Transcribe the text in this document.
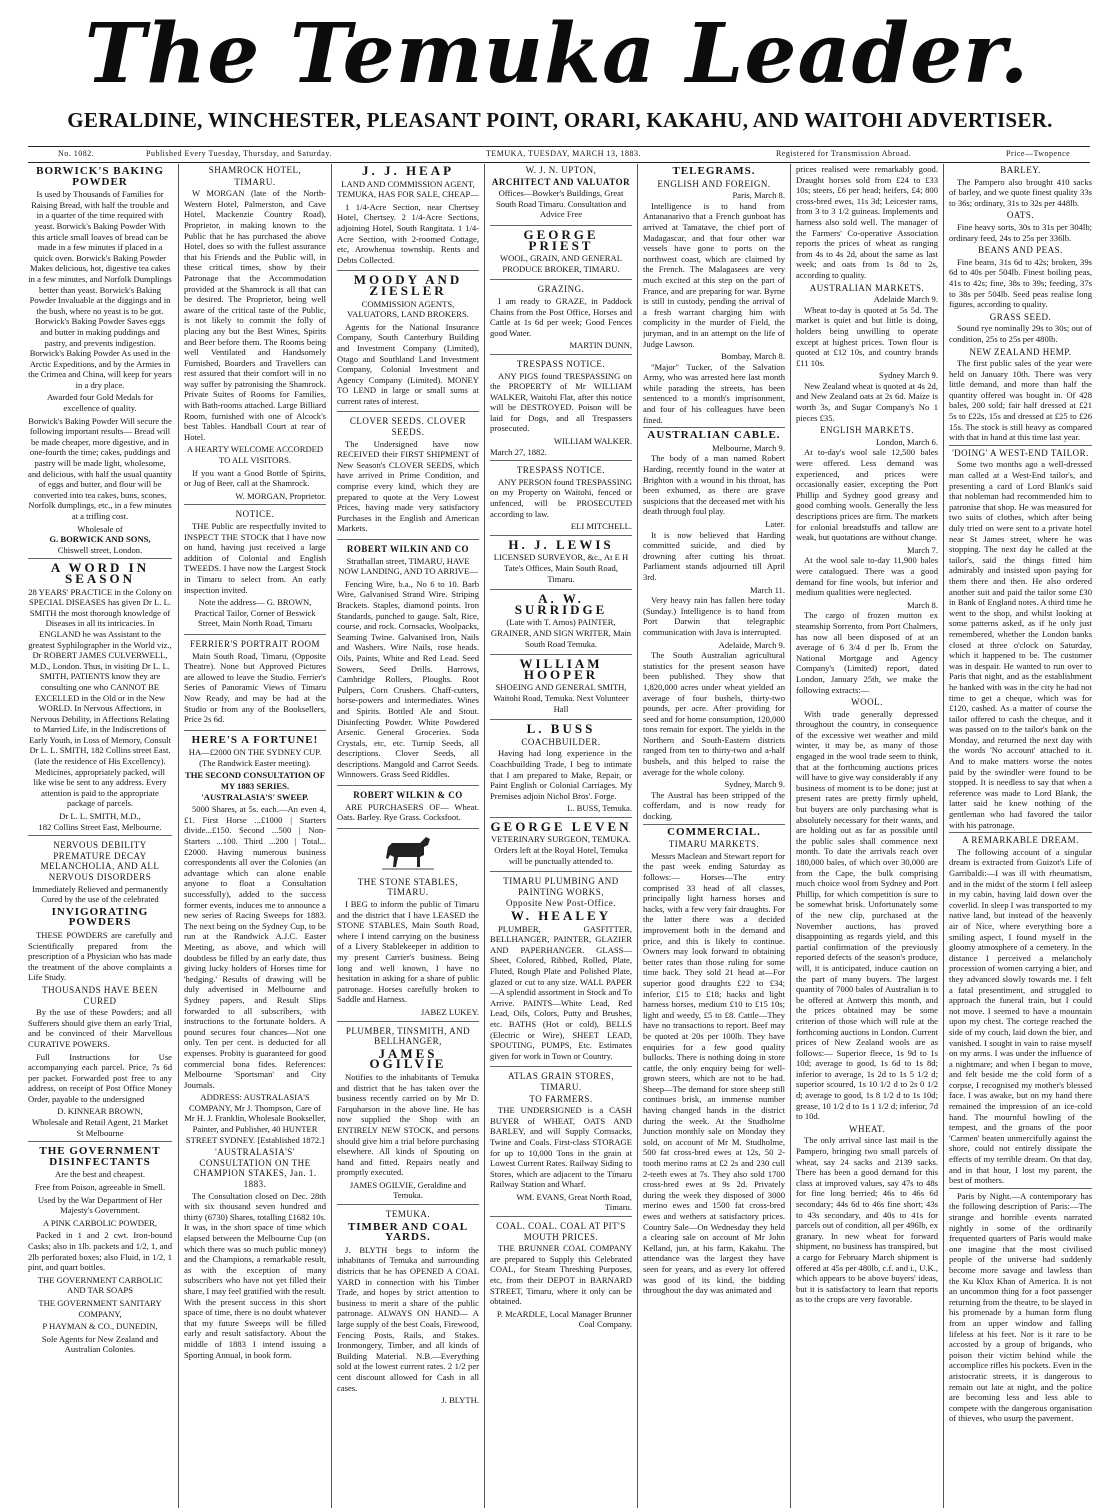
The Temuka Leader.
GERALDINE, WINCHESTER, PLEASANT POINT, ORARI, KAKAHU, AND WAITOHI ADVERTISER.
No. 1082.	Published Every Tuesday, Thursday, and Saturday.	TEMUKA, TUESDAY, MARCH 13, 1883.	Registered for Transmission Abroad.	Price—Twopence
BORWICK'S BAKING POWDER

Is used by Thousands of Families for Raising Bread, with half the trouble and in a quarter of the time required with yeast. Borwick's Baking Powder With this article small loaves of bread can be made in a few minutes if placed in a quick oven. Borwick's Baking Powder Makes delicious, hot, digestive tea cakes in a few minutes, and Norfolk Dumplings better than yeast. Borwick's Baking Powder Invaluable at the diggings and in the bush, where no yeast is to be got. Borwick's Baking Powder Saves eggs and butter in making puddings and pastry, and prevents indigestion. Borwick's Baking Powder As used in the Arctic Expeditions, and by the Armies in the Crimea and China, will keep for years in a dry place.

Awarded four Gold Medals for excellence of quality.

Borwick's Baking Powder Will secure the following important results— Bread will be made cheaper, more digestive, and in one-fourth the time; cakes, puddings and pastry will be made light, wholesome, and delicious, with half the usual quantity of eggs and butter, and flour will be converted into tea cakes, buns, scones, Norfolk dumplings, etc., in a few minutes at a trifling cost.

Wholesale of
G. BORWICK AND SONS,
Chiswell street, London.
A WORD IN SEASON

28 YEARS' PRACTICE in the Colony on SPECIAL DISEASES has given Dr L. L. SMITH the most thorough knowledge of Diseases in all its intricacies. In ENGLAND he was Assistant to the greatest Syphilographer in the World viz., Dr ROBERT JAMES CULVERWELL, M.D., London. Thus, in visiting Dr L. L. SMITH, PATIENTS know they are consulting one who CANNOT BE EXCELLED in the Old or in the New WORLD. In Nervous Affections, in Nervous Debility, in Affections Relating to Married Life, in the Indiscretions of Early Youth, in Loss of Memory, Consult Dr L. L. SMITH, 182 Collins street East. (late the residence of His Excellency). Medicines, appropriately packed, will like wise be sent to any address. Every attention is paid to the appropriate package of parcels.

Dr L. L. SMITH, M.D.,
182 Collins Street East, Melbourne.
NERVOUS DEBILITY PREMATURE DECAY MELANCHOLIA, AND ALL NERVOUS DISORDERS

Immediately Relieved and permanently Cured by the use of the celebrated

INVIGORATING POWDERS

THESE POWDERS are carefully and Scientifically prepared from the prescription of a Physician who has made the treatment of the above complaints a Life Study.

THOUSANDS HAVE BEEN CURED

By the use of these Powders; and all Sufferers should give them an early Trial, and be convinced of their Marvellous CURATIVE POWERS.

Full Instructions for Use accompanying each parcel. Price, 7s 6d per packet. Forwarded post free to any address, on receipt of Post Office Money Order, payable to the undersigned

D. KINNEAR BROWN,
Wholesale and Retail Agent, 21 Market St Melbourne
THE GOVERNMENT DISINFECTANTS

Are the best and cheapest.

Free from Poison, agreeable in Smell.

Used by the War Department of Her Majesty's Government.

A PINK CARBOLIC POWDER,

Packed in 1 and 2 cwt. Iron-bound Casks; also in 1lb. packets and 1/2, 1, and 2lb perforated boxes; also Fluid, in 1/2, 1 pint, and quart bottles.

THE GOVERNMENT CARBOLIC AND TAR SOAPS

THE GOVERNMENT SANITARY COMPANY,

P HAYMAN & CO., DUNEDIN,

Sole Agents for New Zealand and Australian Colonies.

SHAMROCK HOTEL,
TIMARU.

W MORGAN (late of the North-Western Hotel, Palmerston, and Cave Hotel, Mackenzie Country Road), Proprietor, in making known to the Public that he has purchased the above Hotel, does so with the fullest assurance that his Friends and the Public will, in these critical times, show by their Patronage that the Accommodation provided at the Shamrock is all that can be desired. The Proprietor, being well aware of the critical taste of the Public, is not likely to commit the folly of placing any but the Best Wines, Spirits and Beer before them. The Rooms being well Ventilated and Handsomely Furnished, Boarders and Travellers can rest assured that their comfort will in no way suffer by patronising the Shamrock. Private Suites of Rooms for Families, with Bath-rooms attached. Large Billiard Room, furnished with one of Alcock's best Tables. Handball Court at rear of Hotel.

A HEARTY WELCOME ACCORDED TO ALL VISITORS.

If you want a Good Bottle of Spirits, or Jug of Beer, call at the Shamrock.

W. MORGAN, Proprietor.
NOTICE.

THE Public are respectfully invited to INSPECT THE STOCK that I have now on hand, having just received a large addition of Colonial and English TWEEDS. I have now the Largest Stock in Timaru to select from. An early inspection invited.

Note the address— G. BROWN, Practical Tailor, Corner of Beswick Street, Main North Road, Timaru

FERRIER'S PORTRAIT ROOM

Main South Road, Timaru, (Opposite Theatre). None but Approved Pictures are allowed to leave the Studio. Ferrier's Series of Panoramic Views of Timaru Now Ready, and may be had at the Studio or from any of the Booksellers, Price 2s 6d.

HERE'S A FORTUNE!

HA—£2000 ON THE SYDNEY CUP. (The Randwick Easter meeting).

THE SECOND CONSULTATION OF MY 1883 SERIES. 'AUSTRALASIA'S' SWEEP.

5000 Shares, at 5s. each.—An even 4, £1. First Horse ...£1000 | Starters divide...£150. Second ...500 | Non-Starters ...100. Third ...200 | Total...£2000. Having numerous business correspondents all over the Colonies (an advantage which can alone enable anyone to float a Consultation successfully), added to the success former events, induces me to announce a new series of Racing Sweeps for 1883. The next being on the Sydney Cup, to be run at the Randwick A.J.C. Easter Meeting, as above, and which will doubtless be filled by an early date, thus giving lucky holders of Horses time for 'hedging.' Results of drawing will be duly advertised in Melbourne and Sydney papers, and Result Slips forwarded to all subscribers, with instructions to the fortunate holders. A pound secures four chances—Not one only. Ten per cent. is deducted for all expenses. Probity is guaranteed for good commercial bona fides. References: Melbourne 'Sportsman' and City Journals.

ADDRESS: AUSTRALASIA'S COMPANY, Mr J. Thompson, Care of Mr H. J. Franklin, Wholesale Bookseller, Painter, and Publisher, 40 HUNTER STREET SYDNEY. [Established 1872.]

'AUSTRALASIA'S' CONSULTATION ON THE CHAMPION STAKES, Jan. 1. 1883.

The Consultation closed on Dec. 28th with six thousand seven hundred and thirty (6730) Shares, totalling £1682 10s. It was, in the short space of time which elapsed between the Melbourne Cup (on which there was so much public money) and the Champions, a remarkable result, as with the exception of many subscribers who have not yet filled their share, I may feel gratified with the result. With the present success in this short space of time, there is no doubt whatever that my future Sweeps will be filled early and result satisfactory. About the middle of 1883 I intend issuing a Sporting Annual, in book form.

J. J. HEAP

LAND AND COMMISSION AGENT, TEMUKA, HAS FOR SALE, CHEAP—

1 1/4-Acre Section, near Chertsey Hotel, Chertsey. 2 1/4-Acre Sections, adjoining Hotel, South Rangitata. 1 1/4-Acre Section, with 2-roomed Cottage, etc, Arowhenua township. Rents and Debts Collected.

MOODY AND ZIESLER

COMMISSION AGENTS, VALUATORS, LAND BROKERS.

Agents for the National Insurance Company, South Canterbury Building and Investment Company (Limited), Otago and Southland Land Investment Company, Colonial Investment and Agency Company (Limited). MONEY TO LEND in large or small sums at current rates of interest.

CLOVER SEEDS. CLOVER SEEDS.

The Undersigned have now RECEIVED their FIRST SHIPMENT of New Season's CLOVER SEEDS, which have arrived in Prime Condition, and comprise every kind, which they are prepared to quote at the Very Lowest Prices, having made very satisfactory Purchases in the English and American Markets.

ROBERT WILKIN AND CO

Strathallan street, TIMARU, HAVE NOW LANDING, AND TO ARRIVE—

Fencing Wire, b.a., No 6 to 10. Barb Wire, Galvanised Strand Wire. Striping Brackets. Staples, diamond points. Iron Standards, punched to gauge. Salt, Rice, course, and rock. Cornsacks, Woolpacks, Seaming Twine. Galvanised Iron, Nails and Washers. Wire Nails, rose heads. Oils, Paints, White and Red Lead. Seed Sowers, Seed Drills. Harrows, Cambridge Rollers, Ploughs. Root Pulpers, Corn Crushers. Chaff-cutters, horse-powers and intermediates. Wines and Spirits. Bottled Ale and Stout. Disinfecting Powder. White Powdered Arsenic. General Groceries. Soda Crystals, etc, etc. Turnip Seeds, all descriptions. Clover Seeds, all descriptions. Mangold and Carrot Seeds. Winnowers. Grass Seed Riddles.

ROBERT WILKIN & CO

ARE PURCHASERS OF— Wheat. Oats. Barley. Rye Grass. Cocksfoot.

THE STONE STABLES, TIMARU.

I BEG to inform the public of Timaru and the district that I have LEASED the STONE STABLES, Main South Road, where I intend carrying on the business of a Livery Stablekeeper in addition to my present Carrier's business. Being long and well known, I have no hesitation in asking for a share of public patronage. Horses carefully broken to Saddle and Harness.

JABEZ LUKEY.
PLUMBER, TINSMITH, AND BELLHANGER,
JAMES OGILVIE

Notifies to the inhabitants of Temuka and district that he has taken over the business recently carried on by Mr D. Farquharson in the above line. He has now supplied the Shop with an ENTIRELY NEW STOCK, and persons should give him a trial before purchasing elsewhere. All kinds of Spouting on hand and fitted. Repairs neatly and promptly executed.

JAMES OGILVIE, Geraldine and Temuka.
TEMUKA.
TIMBER AND COAL YARDS.

J. BLYTH begs to inform the inhabitants of Temuka and surrounding districts that he has OPENED A COAL YARD in connection with his Timber Trade, and hopes by strict attention to business to merit a share of the public patronage. ALWAYS ON HAND— A large supply of the best Coals, Firewood, Fencing Posts, Rails, and Stakes. Ironmongery, Timber, and all kinds of Building Material. N.B.—Everything sold at the lowest current rates. 2 1/2 per cent discount allowed for Cash in all cases.

J. BLYTH.
W. J. N. UPTON,
ARCHITECT AND VALUATOR

Offices—Bowker's Buildings, Great South Road Timaru. Consultation and Advice Free

GEORGE PRIEST

WOOL, GRAIN, AND GENERAL PRODUCE BROKER, TIMARU.

GRAZING.

I am ready to GRAZE, in Paddock Chains from the Post Office, Horses and Cattle at 1s 6d per week; Good Fences good Water.

MARTIN DUNN,
TRESPASS NOTICE.

ANY PIGS found TRESPASSING on the PROPERTY of Mr WILLIAM WALKER, Waitohi Flat, after this notice will be DESTROYED. Poison will be laid for Dogs, and all Trespassers prosecuted.

WILLIAM WALKER.
March 27, 1882.
TRESPASS NOTICE.

ANY PERSON found TRESPASSING on my Property on Waitohi, fenced or unfenced, will be PROSECUTED according to law.

ELI MITCHELL.
H. J. LEWIS

LICENSED SURVEYOR, &c., At E H Tate's Offices, Main South Road, Timaru.

A. W. SURRIDGE

(Late with T. Amos) PAINTER, GRAINER, AND SIGN WRITER, Main South Road Temuka.

WILLIAM HOOPER

SHOEING AND GENERAL SMITH, Waitohi Road, Temuka. Next Volunteer Hall

L. BUSS
COACHBUILDER.

Having had long experience in the Coachbuilding Trade, I beg to intimate that I am prepared to Make, Repair, or Paint English or Colonial Carriages. My Premises adjoin Nichol Bros'. Forge.

L. BUSS, Temuka.
GEORGE LEVEN

VETERINARY SURGEON, TEMUKA. Orders left at the Royal Hotel, Temuka will be punctually attended to.

TIMARU PLUMBING AND PAINTING WORKS,
Opposite New Post-Office.
W. HEALEY

PLUMBER, GASFITTER, BELLHANGER, PAINTER, GLAZIER AND PAPERHANGER. GLASS—Sheet, Colored, Ribbed, Rolled, Plate, Fluted, Rough Plate and Polished Plate, glazed or cut to any size. WALL PAPER—A splendid assortment in Stock and To Arrive. PAINTS—White Lead, Red Lead, Oils, Colors, Putty and Brushes, etc. BATHS (Hot or cold), BELLS (Electric or Wire), SHEET LEAD, SPOUTING, PUMPS, Etc. Estimates given for work in Town or Country.

ATLAS GRAIN STORES, TIMARU.
TO FARMERS.

THE UNDERSIGNED is a CASH BUYER of WHEAT, OATS AND BARLEY, and will Supply Cornsacks, Twine and Coals. First-class STORAGE for up to 10,000 Tons in the grain at Lowest Current Rates. Railway Siding to Stores, which are adjacent to the Timaru Railway Station and Wharf.

WM. EVANS, Great North Road, Timaru.
COAL. COAL. COAL AT PIT'S MOUTH PRICES.

THE BRUNNER COAL COMPANY are prepared to Supply this Celebrated COAL, for Steam Threshing Purposes, etc, from their DEPOT in BARNARD STREET, Timaru, where it only can be obtained.

P. McARDLE, Local Manager Brunner Coal Company.
TELEGRAMS.
ENGLISH AND FOREIGN.
Paris, March 8.

Intelligence is to hand from Antananarivo that a French gunboat has arrived at Tamatave, the chief port of Madagascar, and that four other war vessels have gone to ports on the northwest coast, which are claimed by the French. The Malagasees are very much excited at this step on the part of France, and are preparing for war. Byrne is still in custody, pending the arrival of a fresh warrant charging him with complicity in the murder of Field, the juryman, and in an attempt on the life of Judge Lawson.

Bombay, March 8.

"Major" Tucker, of the Salvation Army, who was arrested here last month while parading the streets, has been sentenced to a month's imprisonment, and four of his colleagues have been fined.

AUSTRALIAN CABLE.
Melbourne, March 9.

The body of a man named Robert Harding, recently found in the water at Brighton with a wound in his throat, has been exhumed, as there are grave suspicions that the deceased met with his death through foul play.

Later.

It is now believed that Harding committed suicide, and died by drowning after cutting his throat. Parliament stands adjourned till April 3rd.

March 11.

Very heavy rain has fallen here today (Sunday.) Intelligence is to hand from Port Darwin that telegraphic communication with Java is interrupted.

Adelaide, March 9.

The South Australian agricultural statistics for the present season have been published. They show that 1,820,000 acres under wheat yielded an average of four bushels, thirty-two pounds, per acre. After providing for seed and for home consumption, 120,000 tons remain for export. The yields in the Northern and South-Eastern districts ranged from ten to thirty-two and a-half bushels, and this helped to raise the average for the whole colony.

Sydney, March 9.

The Austral has been stripped of the cofferdam, and is now ready for docking.

COMMERCIAL.
TIMARU MARKETS.

Messrs Maclean and Stewart report for the past week ending Saturday as follows:— Horses—The entry comprised 33 head of all classes, principally light harness horses and hacks, with a few very fair draughts. For the latter there was a decided improvement both in the demand and price, and this is likely to continue. Owners may look forward to obtaining better rates than those ruling for some time back. They sold 21 head at—For superior good draughts £22 to £34; inferior, £15 to £18; hacks and light harness horses, medium £10 to £15 10s; light and weedy, £5 to £8. Cattle—They have no transactions to report. Beef may be quoted at 20s per 100lb. They have enquiries for a few good quality bullocks. There is nothing doing in store cattle, the only enquiry being for well-grown steers, which are not to be had. Sheep—The demand for store sheep still continues brisk, an immense number having changed hands in the district during the week. At the Studholme Junction monthly sale on Monday they sold, on account of Mr M. Studholme, 500 fat cross-bred ewes at 12s, 50 2-tooth merino rams at £2 2s and 230 cull 2-teeth ewes at 7s. They also sold 1700 cross-bred ewes at 9s 2d. Privately during the week they disposed of 3000 merino ewes and 1500 fat cross-bred ewes and wethers at satisfactory prices. Country Sale—On Wednesday they held a clearing sale on account of Mr John Kelland, jun, at his farm, Kakahu. The attendance was the largest they have seen for years, and as every lot offered was good of its kind, the bidding throughout the day was animated and

prices realised were remarkably good. Draught horses sold from £24 to £33 10s; steers, £6 per head; heifers, £4; 800 cross-bred ewes, 11s 3d; Leicester rams, from 3 to 3 1/2 guineas. Implements and harness also sold well. The manager of the Farmers' Co-operative Association reports the prices of wheat as ranging from 4s to 4s 2d, about the same as last week; and oats from 1s 8d to 2s, according to quality.

AUSTRALIAN MARKETS.
Adelaide March 9.

Wheat to-day is quoted at 5s 5d. The market is quiet and but little is doing, holders being unwilling to operate except at highest prices. Town flour is quoted at £12 10s, and country brands £11 10s.

Sydney March 9.

New Zealand wheat is quoted at 4s 2d, and New Zealand oats at 2s 6d. Maize is worth 3s, and Sugar Company's No 1 pieces £35.

ENGLISH MARKETS.
London, March 6.

At to-day's wool sale 12,500 bales were offered. Less demand was experienced, and prices were occasionally easier, excepting the Port Phillip and Sydney good greasy and good combing wools. Generally the less descriptions prices are firm. The markets for colonial breadstuffs and tallow are weak, but quotations are without change.

March 7.

At the wool sale to-day 11,900 bales were catalogued. There was a good demand for fine wools, but inferior and medium qualities were neglected.

March 8.

The cargo of frozen mutton ex steamship Sorrento, from Port Chalmers, has now all been disposed of at an average of 6 3/4 d per lb. From the National Mortgage and Agency Company's (Limited) report, dated London, January 25th, we make the following extracts:—

WOOL.

With trade generally depressed throughout the country, in consequence of the excessive wet weather and mild winter, it may be, as many of those engaged in the wool trade seem to think, that at the forthcoming auctions prices will have to give way considerably if any business of moment is to be done; just at present rates are pretty firmly upheld, but buyers are only purchasing what is absolutely necessary for their wants, and are holding out as far as possible until the public sales shall commence next month. To date the arrivals reach over 180,000 bales, of which over 30,000 are from the Cape, the bulk comprising much choice wool from Sydney and Port Phillip, for which competition is sure to be somewhat brisk. Unfortunately some of the new clip, purchased at the November auctions, has proved disappointing as regards yield, and this partial confirmation of the previously reported defects of the season's produce, will, it is anticipated, induce caution on the part of many buyers. The largest quantity of 7000 bales of Australian is to be offered at Antwerp this month, and the prices obtained may be some criterion of those which will rule at the forthcoming auctions in London. Current prices of New Zealand wools are as follows:— Superior fleece, 1s 9d to 1s 10d; average to good, 1s 6d to 1s 8d; inferior to average, 1s 2d to 1s 5 1/2 d; superior scoured, 1s 10 1/2 d to 2s 0 1/2 d; average to good, 1s 8 1/2 d to 1s 10d; grease, 10 1/2 d to 1s 1 1/2 d; inferior, 7d to 10d.

WHEAT.

The only arrival since last mail is the Pampero, bringing two small parcels of wheat, say 24 sacks and 2139 sacks. There has been a good demand for this class at improved values, say 47s to 48s for fine long berried; 46s to 46s 6d secondary; 44s 6d to 46s fine short; 43s to 43s secondary, and 40s to 41s for parcels out of condition, all per 496lb, ex granary. In new wheat for forward shipment, no business has transpired, but a cargo for February March shipment is offered at 45s per 480lb, c.f. and i., U.K., which appears to be above buyers' ideas, but it is satisfactory to learn that reports as to the crops are very favorable.

BARLEY.

The Pampero also brought 410 sacks of barley, and we quote finest quality 33s to 36s; ordinary, 31s to 32s per 448lb.

OATS.

Fine heavy sorts, 30s to 31s per 304lb; ordinary feed, 24s to 25s per 336lb.

BEANS AND PEAS.

Fine beans, 31s 6d to 42s; broken, 39s 6d to 40s per 504lb. Finest boiling peas, 41s to 42s; fine, 38s to 39s; feeding, 37s to 38s per 504lb. Seed peas realise long figures, according to quality.

GRASS SEED.

Sound rye nominally 29s to 30s; out of condition, 25s to 25s per 480lb.

NEW ZEALAND HEMP.

The first public sales of the year were held on January 10th. There was very little demand, and more than half the quantity offered was bought in. Of 428 bales, 200 sold; fair half dressed at £21 5s to £22s, 15s and dressed at £25 to £26 15s. The stock is still heavy as compared with that in hand at this time last year.

'DOING' A WEST-END TAILOR.

Some two months ago a well-dressed man called at a West-End tailor's, and presenting a card of Lord Blank's said that nobleman had recommended him to patronise that shop. He was measured for two suits of clothes, which after being duly tried on were sent to a private hotel near St James street, where he was stopping. The next day he called at the tailor's, said the things fitted him admirably and insisted upon paying for them there and then. He also ordered another suit and paid the tailor some £30 in Bank of England notes. A third time he went to the shop, and whilst looking at some patterns asked, as if he only just remembered, whether the London banks closed at three o'clock on Saturday, which it happened to be. The customer was in despair. He wanted to run over to Paris that night, and as the establishment he banked with was in the city he had not time to get a cheque, which was for £120, cashed. As a matter of course the tailor offered to cash the cheque, and it was passed on to the tailor's bank on the Monday, and returned the next day with the words 'No account' attached to it. And to make matters worse the notes paid by the swindler were found to be stopped. It is needless to say that when a reference was made to Lord Blank, the latter said he knew nothing of the gentleman who had favored the tailor with his patronage.

A REMARKABLE DREAM.

The following account of a singular dream is extracted from Guizot's Life of Garribaldi:—I was ill with rheumatism, and in the midst of the storm I fell asleep in my cabin, having laid down over the coverlid. In sleep I was transported to my native land, but instead of the heavenly air of Nice, where everything bore a smiling aspect, I found myself in the gloomy atmosphere of a cemetery. In the distance I perceived a melancholy procession of women carrying a bier, and they advanced slowly towards me. I felt a fatal presentiment, and struggled to approach the funeral train, but I could not move. I seemed to have a mountain upon my chest. The cortege reached the side of my couch, laid down the bier, and vanished. I sought in vain to raise myself on my arms. I was under the influence of a nightmare; and when I began to move, and felt beside me the cold form of a corpse, I recognised my mother's blessed face. I was awake, but on my hand there remained the impression of an ice-cold hand. The mournful howling of the tempest, and the groans of the poor 'Carmen' beaten unmercifully against the shore, could not entirely dissipate the effects of my terrible dream. On that day, and in that hour, I lost my parent, the best of mothers.

Paris by Night.—A contemporary has the following description of Paris:—The strange and horrible events narrated nightly in some of the ordinarily frequented quarters of Paris would make one imagine that the most civilised people of the universe had suddenly become more savage and lawless than the Ku Klux Khan of America. It is not an uncommon thing for a foot passenger returning from the theatre, to be slayed in his promenade by a human form flung from an upper window and falling lifeless at his feet. Nor is it rare to be accosted by a group of brigands, who poison their victim behind while the accomplice rifles his pockets. Even in the aristocratic streets, it is dangerous to remain out late at night, and the police are becoming less and less able to compete with the dangerous organisation of thieves, who usurp the pavement.
